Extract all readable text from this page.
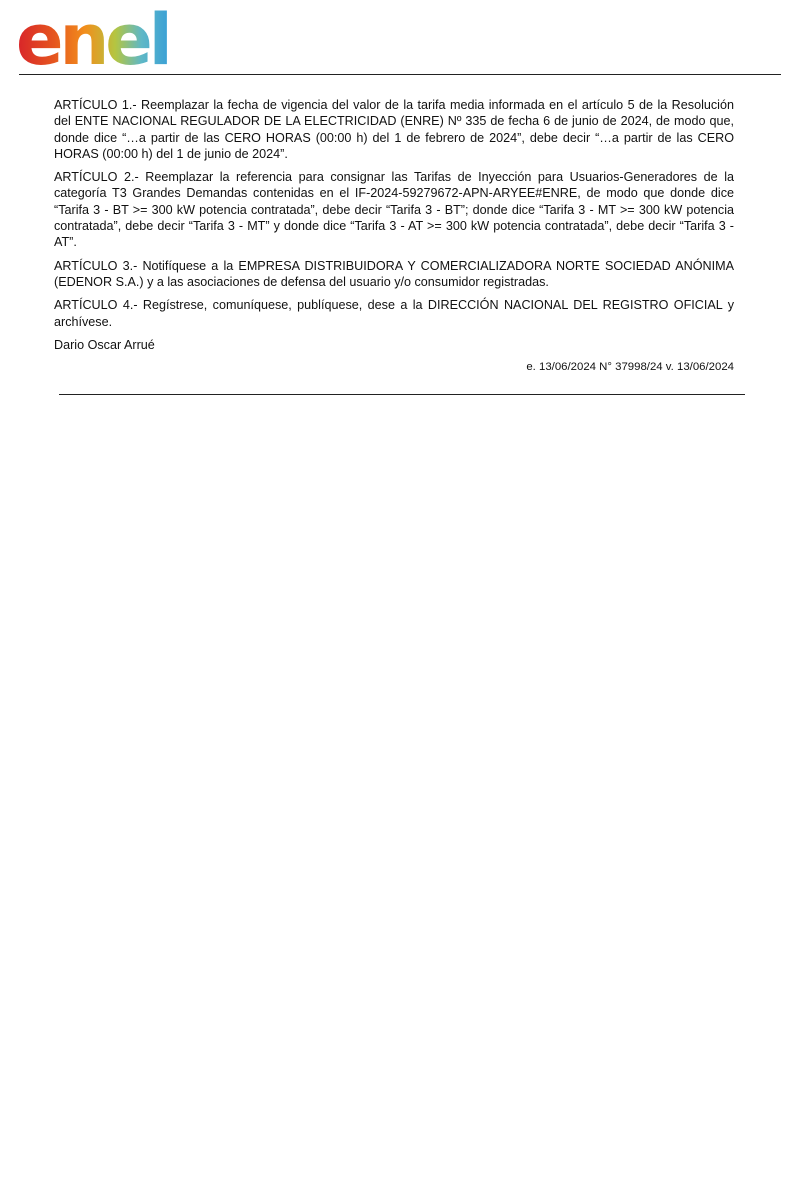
enel

ARTÍCULO 1.- Reemplazar la fecha de vigencia del valor de la tarifa media informada en el artículo 5 de la Resolución del ENTE NACIONAL REGULADOR DE LA ELECTRICIDAD (ENRE) Nº 335 de fecha 6 de junio de 2024, de modo que, donde dice “…a partir de las CERO HORAS (00:00 h) del 1 de febrero de 2024”, debe decir “…a partir de las CERO HORAS (00:00 h) del 1 de junio de 2024”.

ARTÍCULO 2.- Reemplazar la referencia para consignar las Tarifas de Inyección para Usuarios-Generadores de la categoría T3 Grandes Demandas contenidas en el IF-2024-59279672-APN-ARYEE#ENRE, de modo que donde dice “Tarifa 3 - BT >= 300 kW potencia contratada”, debe decir “Tarifa 3 - BT”; donde dice “Tarifa 3 - MT >= 300 kW potencia contratada”, debe decir “Tarifa 3 - MT” y donde dice “Tarifa 3 - AT >= 300 kW potencia contratada”, debe decir “Tarifa 3 - AT”.

ARTÍCULO 3.- Notifíquese a la EMPRESA DISTRIBUIDORA Y COMERCIALIZADORA NORTE SOCIEDAD ANÓNIMA (EDENOR S.A.) y a las asociaciones de defensa del usuario y/o consumidor registradas.

ARTÍCULO 4.- Regístrese, comuníquese, publíquese, dese a la DIRECCIÓN NACIONAL DEL REGISTRO OFICIAL y archívese.

Dario Oscar Arrué
e. 13/06/2024 N° 37998/24 v. 13/06/2024
